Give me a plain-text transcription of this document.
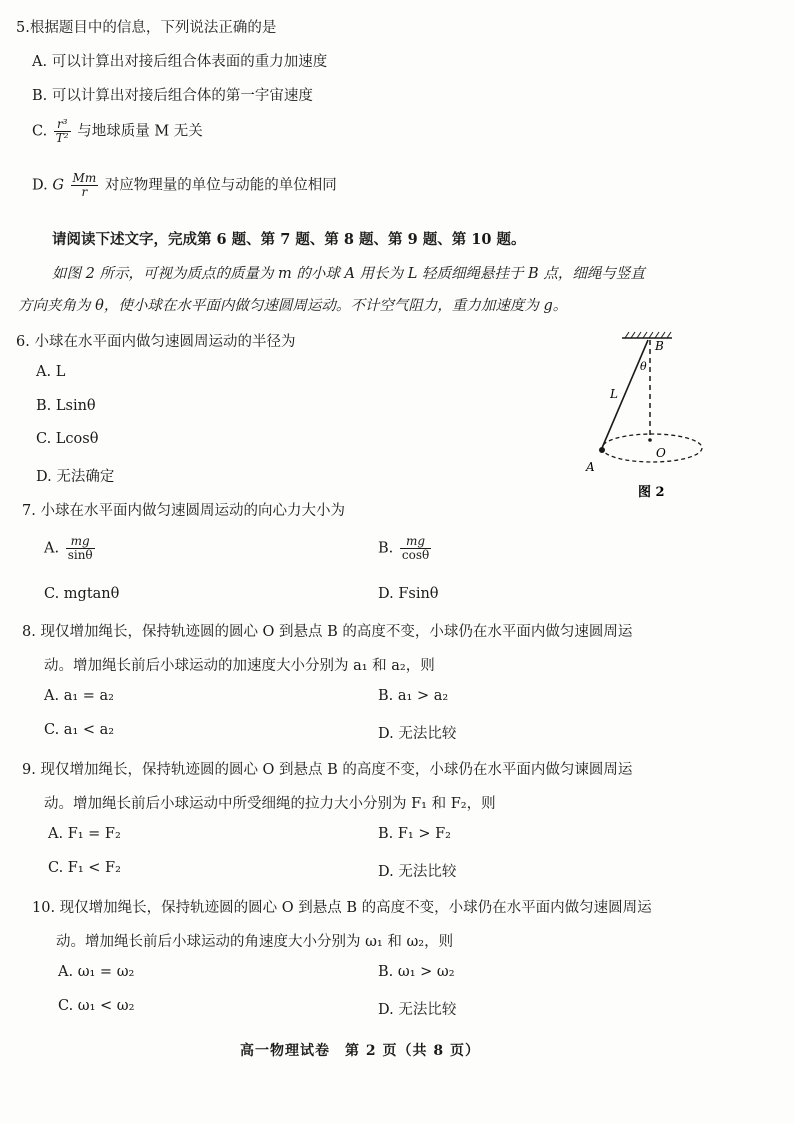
5.根据题目中的信息，下列说法正确的是
A. 可以计算出对接后组合体表面的重力加速度
B. 可以计算出对接后组合体的第一宇宙速度
C. $\frac{\text{r³}}{\text{T²}}$ 与地球质量 M 无关
D. G $\frac{Mm}{r}$ 对应物理量的单位与动能的单位相同
请阅读下述文字，完成第 6 题、第 7 题、第 8 题、第 9 题、第 10 题。
如图 2 所示，可视为质点的质量为 m 的小球 A 用长为 L 轻质细绳悬挂于 B 点，细绳与竖直
方向夹角为 θ，使小球在水平面内做匀速圆周运动。不计空气阻力，重力加速度为 g。
6. 小球在水平面内做匀速圆周运动的半径为
A. L
B. Lsinθ
C. Lcosθ
D. 无法确定
B
θ
L
O
A
图 2
7. 小球在水平面内做匀速圆周运动的向心力大小为
A. $\frac{mg}{\sin\theta}$	B. $\frac{mg}{\cos\theta}$
C. mgtanθ	D. Fsinθ
8. 现仅增加绳长，保持轨迹圆的圆心 O 到悬点 B 的高度不变，小球仍在水平面内做匀速圆周运
动。增加绳长前后小球运动的加速度大小分别为 a₁ 和 a₂，则
A. a₁ = a₂	B. a₁ > a₂
C. a₁ < a₂	D. 无法比较
9. 现仅增加绳长，保持轨迹圆的圆心 O 到悬点 B 的高度不变，小球仍在水平面内做匀谏圆周运
动。增加绳长前后小球运动中所受细绳的拉力大小分别为 F₁ 和 F₂，则
A. F₁ = F₂	B. F₁ > F₂
C. F₁ < F₂	D. 无法比较
10. 现仅增加绳长，保持轨迹圆的圆心 O 到悬点 B 的高度不变，小球仍在水平面内做匀速圆周运
动。增加绳长前后小球运动的角速度大小分别为 ω₁ 和 ω₂，则
A. ω₁ = ω₂	B. ω₁ > ω₂
C. ω₁ < ω₂	D. 无法比较
高一物理试卷　第 2 页（共 8 页）
